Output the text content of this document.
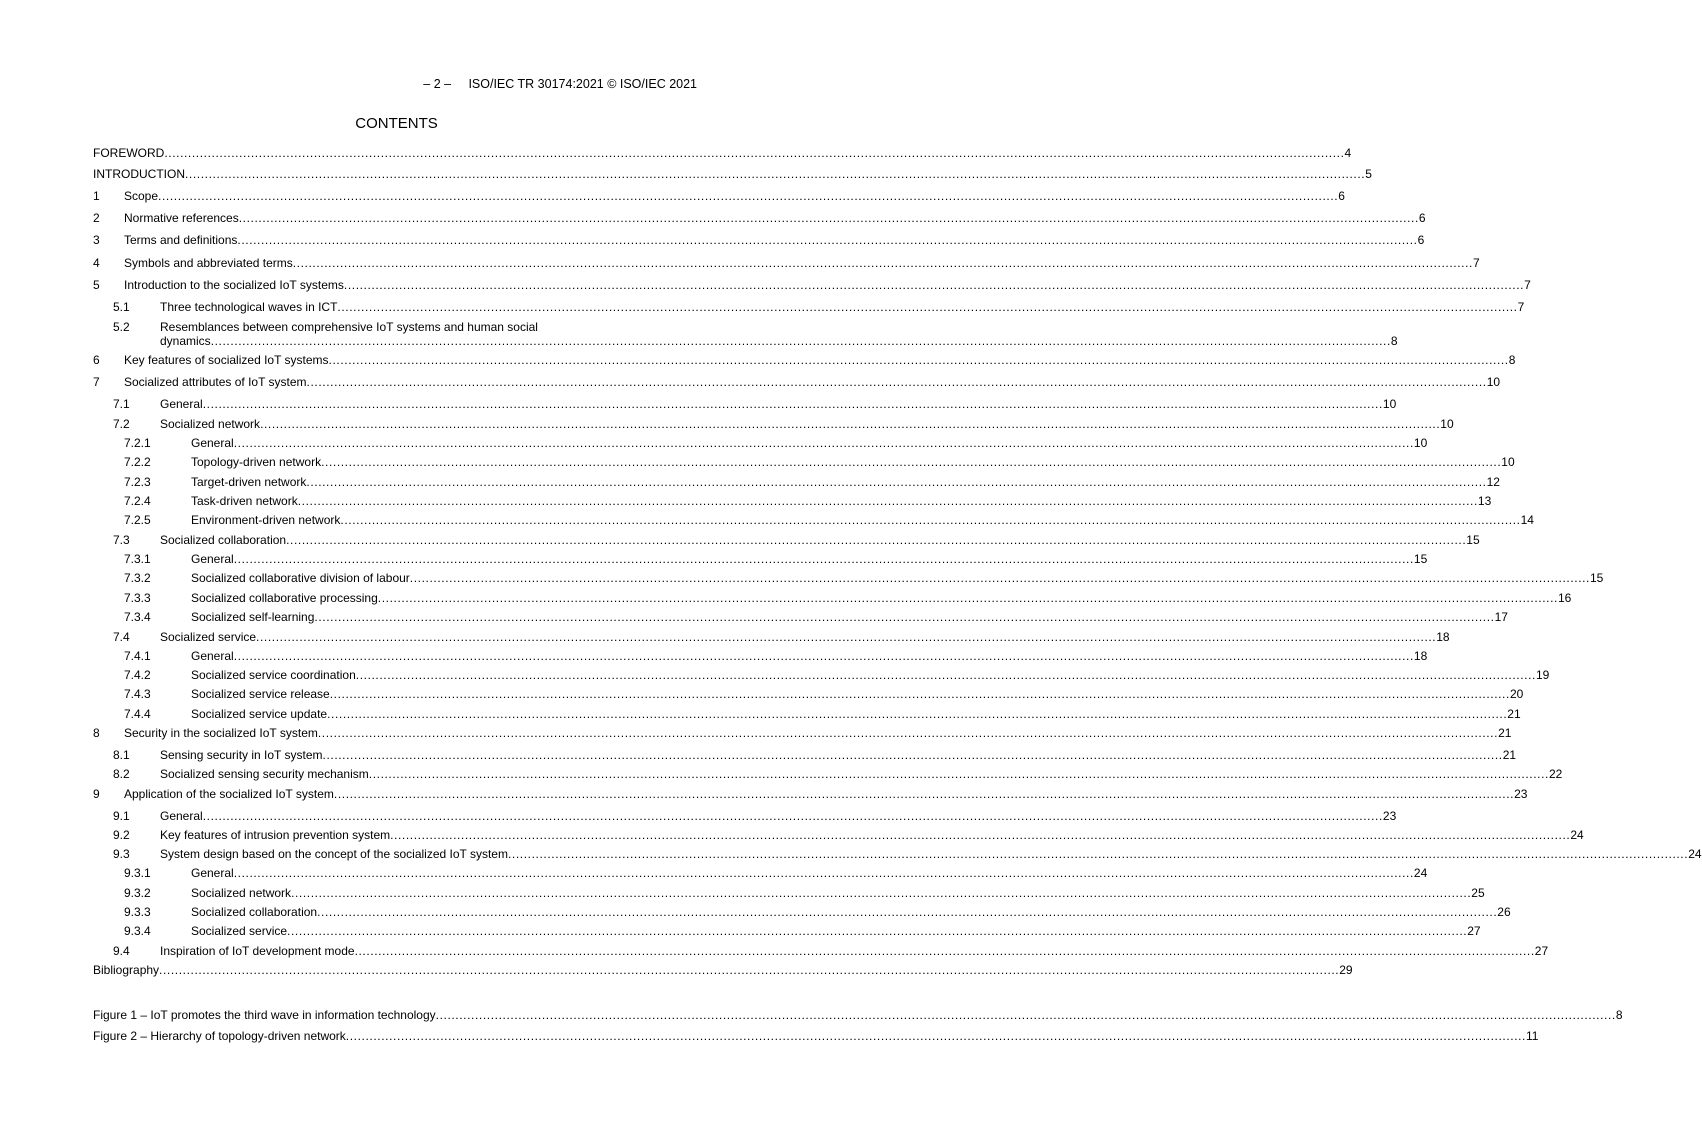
– 2 – ISO/IEC TR 30174:2021 © ISO/IEC 2021
CONTENTS
FOREWORD ............................................................................................................................................................................................................................................................................................................ 4
INTRODUCTION ............................................................................................................................................................................................................................................................................................................ 5
1 Scope ............................................................................................................................................................................................................................................................................................................ 6
2 Normative references ............................................................................................................................................................................................................................................................................................................ 6
3 Terms and definitions ............................................................................................................................................................................................................................................................................................................ 6
4 Symbols and abbreviated terms ............................................................................................................................................................................................................................................................................................................ 7
5 Introduction to the socialized IoT systems ............................................................................................................................................................................................................................................................................................................ 7
5.1	Three technological waves in ICT ............................................................................................................................................................................................................................................................................................................ 7
5.2	Resemblances between comprehensive IoT systems and human social
dynamics ............................................................................................................................................................................................................................................................................................................ 8
6 Key features of socialized IoT systems ............................................................................................................................................................................................................................................................................................................ 8
7 Socialized attributes of IoT system ............................................................................................................................................................................................................................................................................................................ 10
7.1	General ............................................................................................................................................................................................................................................................................................................ 10
7.2	Socialized network ............................................................................................................................................................................................................................................................................................................ 10
7.2.1	General ............................................................................................................................................................................................................................................................................................................ 10
7.2.2	Topology-driven network ............................................................................................................................................................................................................................................................................................................ 10
7.2.3	Target-driven network ............................................................................................................................................................................................................................................................................................................ 12
7.2.4	Task-driven network ............................................................................................................................................................................................................................................................................................................ 13
7.2.5	Environment-driven network ............................................................................................................................................................................................................................................................................................................ 14
7.3	Socialized collaboration ............................................................................................................................................................................................................................................................................................................ 15
7.3.1	General ............................................................................................................................................................................................................................................................................................................ 15
7.3.2	Socialized collaborative division of labour ............................................................................................................................................................................................................................................................................................................ 15
7.3.3	Socialized collaborative processing ............................................................................................................................................................................................................................................................................................................ 16
7.3.4	Socialized self-learning ............................................................................................................................................................................................................................................................................................................ 17
7.4	Socialized service ............................................................................................................................................................................................................................................................................................................ 18
7.4.1	General ............................................................................................................................................................................................................................................................................................................ 18
7.4.2	Socialized service coordination ............................................................................................................................................................................................................................................................................................................ 19
7.4.3	Socialized service release ............................................................................................................................................................................................................................................................................................................ 20
7.4.4	Socialized service update ............................................................................................................................................................................................................................................................................................................ 21
8 Security in the socialized IoT system ............................................................................................................................................................................................................................................................................................................ 21
8.1	Sensing security in IoT system ............................................................................................................................................................................................................................................................................................................ 21
8.2	Socialized sensing security mechanism ............................................................................................................................................................................................................................................................................................................ 22
9 Application of the socialized IoT system ............................................................................................................................................................................................................................................................................................................ 23
9.1	General ............................................................................................................................................................................................................................................................................................................ 23
9.2	Key features of intrusion prevention system ............................................................................................................................................................................................................................................................................................................ 24
9.3	System design based on the concept of the socialized IoT system ............................................................................................................................................................................................................................................................................................................ 24
9.3.1	General ............................................................................................................................................................................................................................................................................................................ 24
9.3.2	Socialized network ............................................................................................................................................................................................................................................................................................................ 25
9.3.3	Socialized collaboration ............................................................................................................................................................................................................................................................................................................ 26
9.3.4	Socialized service ............................................................................................................................................................................................................................................................................................................ 27
9.4	Inspiration of IoT development mode ............................................................................................................................................................................................................................................................................................................ 27
Bibliography ............................................................................................................................................................................................................................................................................................................ 29
Figure 1 – IoT promotes the third wave in information technology ............................................................................................................................................................................................................................................................................................................ 8
Figure 2 – Hierarchy of topology-driven network ............................................................................................................................................................................................................................................................................................................ 11
